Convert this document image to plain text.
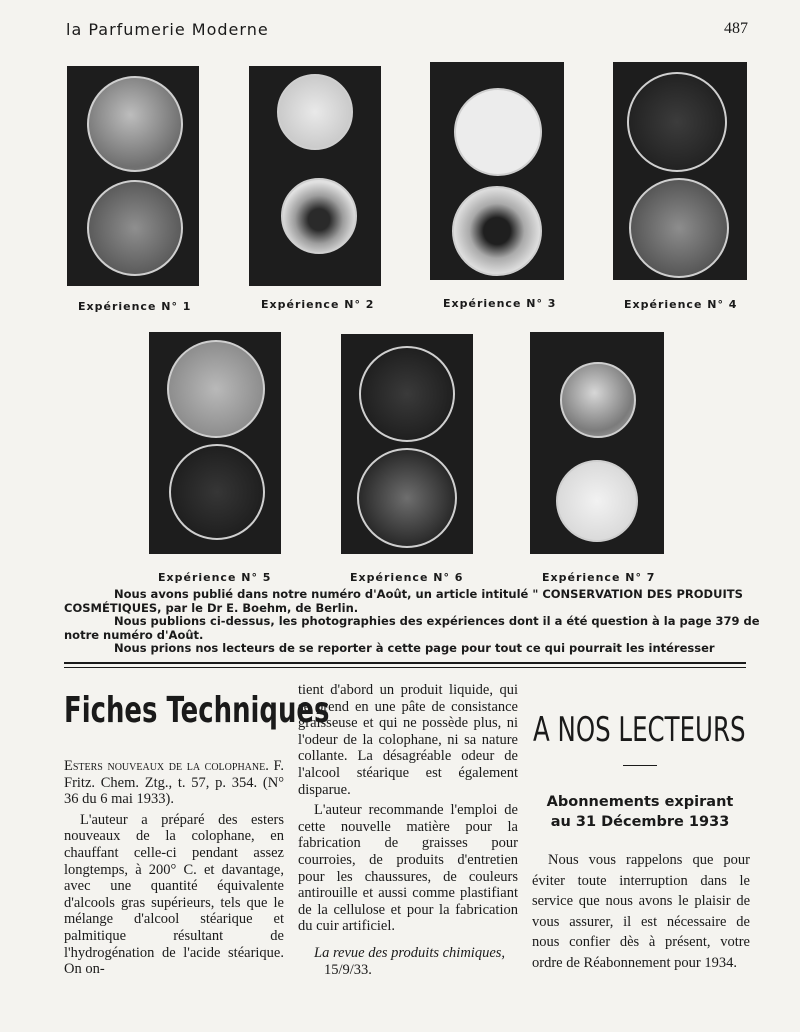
la Parfumerie Moderne	487
Expérience N° 1	Expérience N° 2	Expérience N° 3	Expérience N° 4
Expérience N° 5	Expérience N° 6	Expérience N° 7
Nous avons publié dans notre numéro d'Août, un article intitulé " CONSERVATION DES PRODUITS
COSMÉTIQUES, par le Dr E. Boehm, de Berlin.
Nous publions ci-dessus, les photographies des expériences dont il a été question à la page 379 de
notre numéro d'Août.
Nous prions nos lecteurs de se reporter à cette page pour tout ce qui pourrait les intéresser
Fiches Techniques

Esters nouveaux de la colophane. F. Fritz. Chem. Ztg., t. 57, p. 354. (N° 36 du 6 mai 1933).

L'auteur a préparé des esters nouveaux de la colophane, en chauffant celle-ci pendant assez longtemps, à 200° C. et davantage, avec une quantité équivalente d'alcools gras supérieurs, tels que le mélange d'alcool stéarique et palmitique résultant de l'hydrogénation de l'acide stéarique. On on-

tient d'abord un produit liquide, qui se prend en une pâte de consistance graisseuse et qui ne possède plus, ni l'odeur de la colophane, ni sa nature collante. La désagréable odeur de l'alcool stéarique est également disparue.

L'auteur recommande l'emploi de cette nouvelle matière pour la fabrication de graisses pour courroies, de produits d'entretien pour les chaussures, de couleurs antirouille et aussi comme plastifiant de la cellulose et pour la fabrication du cuir artificiel.

La revue des produits chimiques,

15/9/33.

A NOS LECTEURS
Abonnements expirant
au 31 Décembre 1933

Nous vous rappelons que pour éviter toute interruption dans le service que nous avons le plaisir de vous assurer, il est nécessaire de nous confier dès à présent, votre ordre de Réabonnement pour 1934.
